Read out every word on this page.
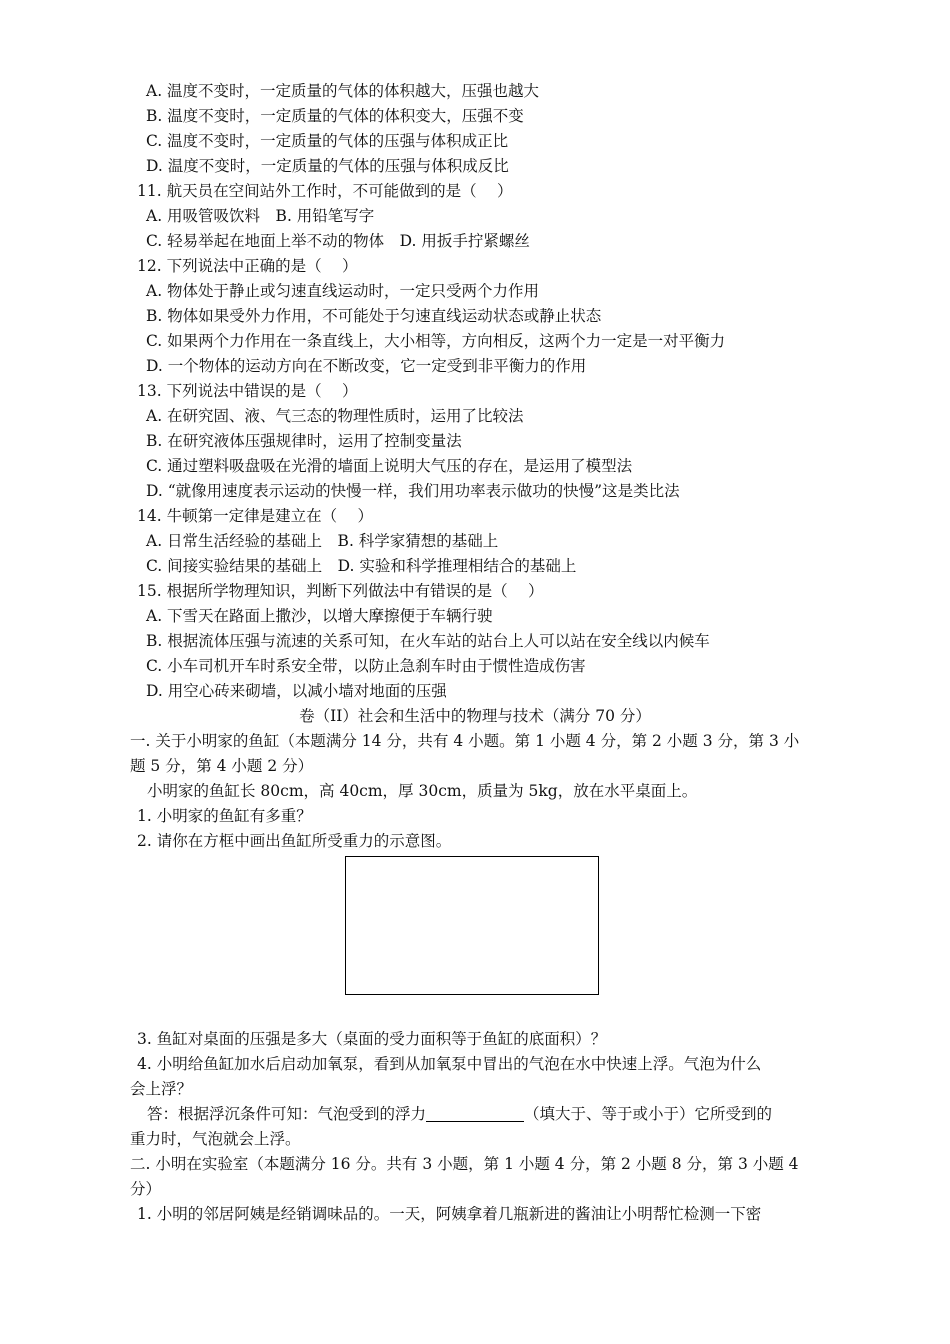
A. 温度不变时，一定质量的气体的体积越大，压强也越大
B. 温度不变时，一定质量的气体的体积变大，压强不变
C. 温度不变时，一定质量的气体的压强与体积成正比
D. 温度不变时，一定质量的气体的压强与体积成反比
11. 航天员在空间站外工作时，不可能做到的是（　 ）
A. 用吸管吸饮料　B. 用铅笔写字
C. 轻易举起在地面上举不动的物体　D. 用扳手拧紧螺丝
12. 下列说法中正确的是（　 ）
A. 物体处于静止或匀速直线运动时，一定只受两个力作用
B. 物体如果受外力作用，不可能处于匀速直线运动状态或静止状态
C. 如果两个力作用在一条直线上，大小相等，方向相反，这两个力一定是一对平衡力
D. 一个物体的运动方向在不断改变，它一定受到非平衡力的作用
13. 下列说法中错误的是（　 ）
A. 在研究固、液、气三态的物理性质时，运用了比较法
B. 在研究液体压强规律时，运用了控制变量法
C. 通过塑料吸盘吸在光滑的墙面上说明大气压的存在，是运用了模型法
D. “就像用速度表示运动的快慢一样，我们用功率表示做功的快慢”这是类比法
14. 牛顿第一定律是建立在（　 ）
A. 日常生活经验的基础上　B. 科学家猜想的基础上
C. 间接实验结果的基础上　D. 实验和科学推理相结合的基础上
15. 根据所学物理知识，判断下列做法中有错误的是（　 ）
A. 下雪天在路面上撒沙，以增大摩擦便于车辆行驶
B. 根据流体压强与流速的关系可知，在火车站的站台上人可以站在安全线以内候车
C. 小车司机开车时系安全带，以防止急刹车时由于惯性造成伤害
D. 用空心砖来砌墙，以减小墙对地面的压强
卷（II）社会和生活中的物理与技术（满分 70 分）
一. 关于小明家的鱼缸（本题满分 14 分，共有 4 小题。第 1 小题 4 分，第 2 小题 3 分，第 3 小
题 5 分，第 4 小题 2 分）
小明家的鱼缸长 80cm，高 40cm，厚 30cm，质量为 5kg，放在水平桌面上。
1. 小明家的鱼缸有多重？
2. 请你在方框中画出鱼缸所受重力的示意图。
3. 鱼缸对桌面的压强是多大（桌面的受力面积等于鱼缸的底面积）？
4. 小明给鱼缸加水后启动加氧泵，看到从加氧泵中冒出的气泡在水中快速上浮。气泡为什么
会上浮？
答：根据浮沉条件可知：气泡受到的浮力	（填大于、等于或小于）它所受到的
重力时，气泡就会上浮。
二. 小明在实验室（本题满分 16 分。共有 3 小题，第 1 小题 4 分，第 2 小题 8 分，第 3 小题 4
分）
1. 小明的邻居阿姨是经销调味品的。一天，阿姨拿着几瓶新进的酱油让小明帮忙检测一下密
